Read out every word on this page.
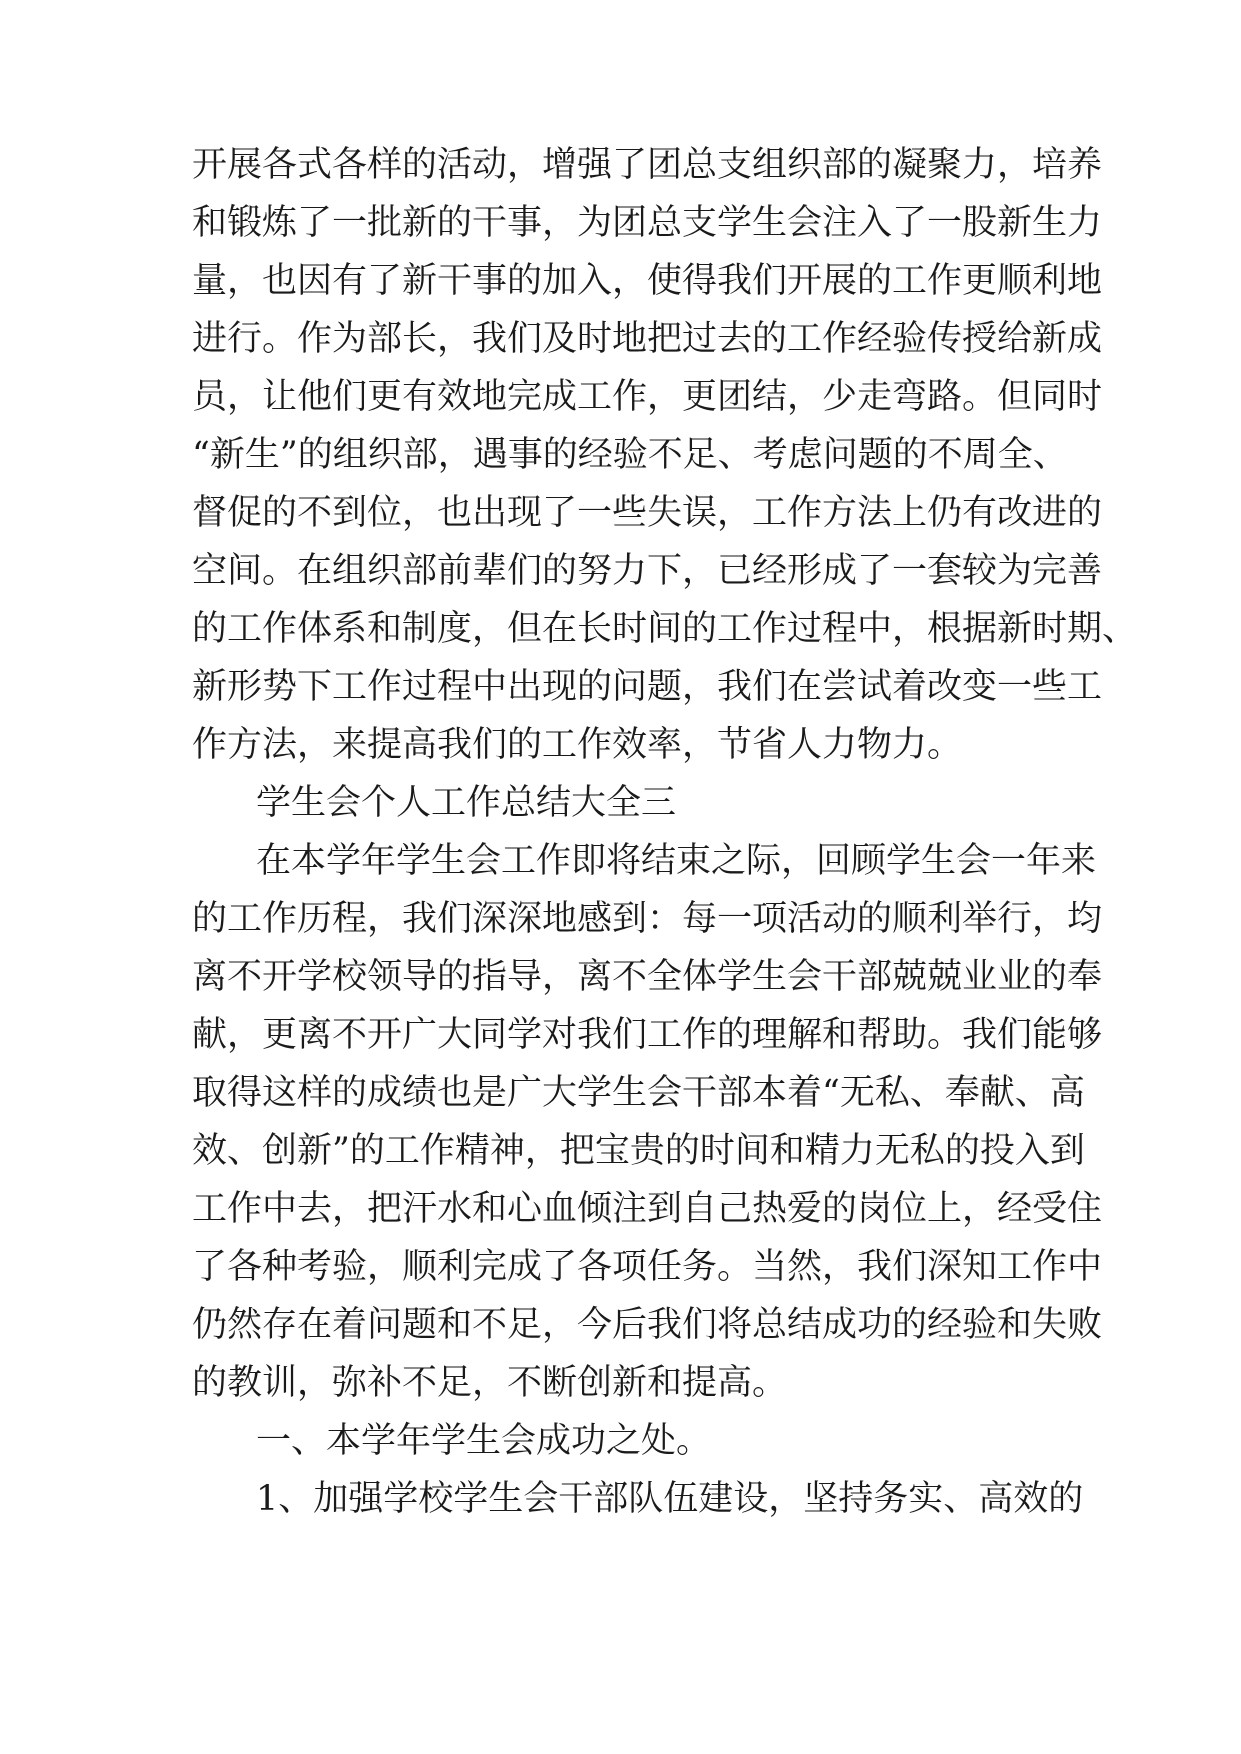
开展各式各样的活动，增强了团总支组织部的凝聚力，培养
和锻炼了一批新的干事，为团总支学生会注入了一股新生力
量，也因有了新干事的加入，使得我们开展的工作更顺利地
进行。作为部长，我们及时地把过去的工作经验传授给新成
员，让他们更有效地完成工作，更团结，少走弯路。但同时
“新生”的组织部，遇事的经验不足、考虑问题的不周全、
督促的不到位，也出现了一些失误，工作方法上仍有改进的
空间。在组织部前辈们的努力下，已经形成了一套较为完善
的工作体系和制度，但在长时间的工作过程中，根据新时期、
新形势下工作过程中出现的问题，我们在尝试着改变一些工
作方法，来提高我们的工作效率，节省人力物力。
学生会个人工作总结大全三
在本学年学生会工作即将结束之际，回顾学生会一年来
的工作历程，我们深深地感到：每一项活动的顺利举行，均
离不开学校领导的指导，离不全体学生会干部兢兢业业的奉
献，更离不开广大同学对我们工作的理解和帮助。我们能够
取得这样的成绩也是广大学生会干部本着“无私、奉献、高
效、创新”的工作精神，把宝贵的时间和精力无私的投入到
工作中去，把汗水和心血倾注到自己热爱的岗位上，经受住
了各种考验，顺利完成了各项任务。当然，我们深知工作中
仍然存在着问题和不足，今后我们将总结成功的经验和失败
的教训，弥补不足，不断创新和提高。
一、本学年学生会成功之处。
1、加强学校学生会干部队伍建设，坚持务实、高效的
